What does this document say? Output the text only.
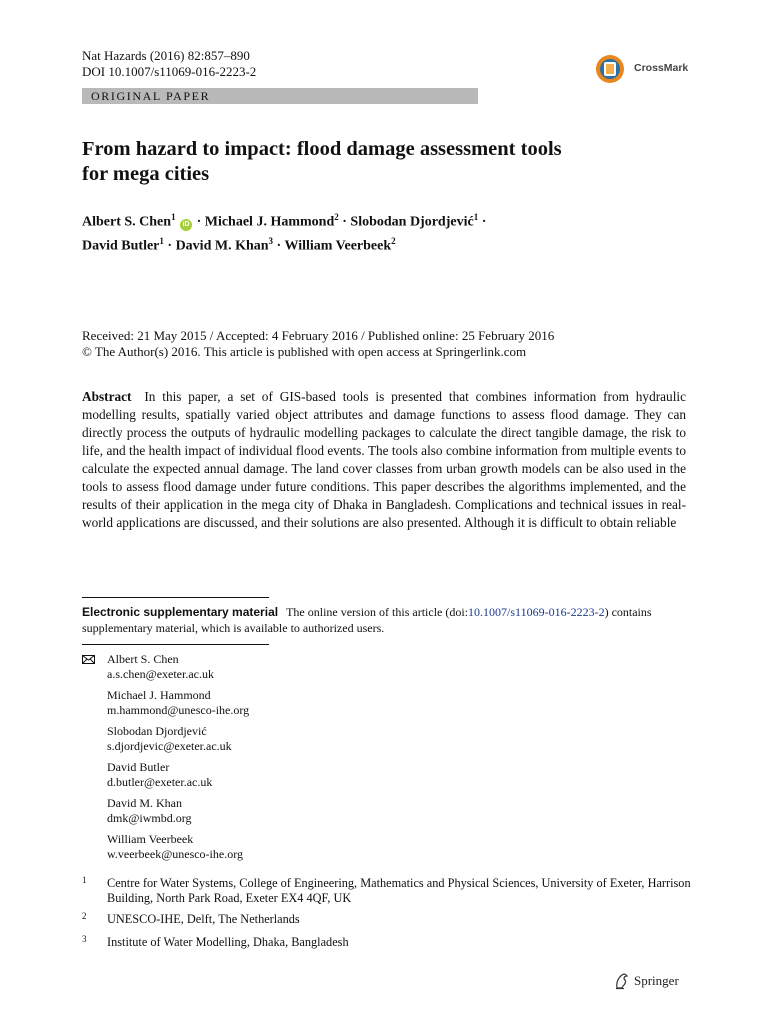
Nat Hazards (2016) 82:857–890
DOI 10.1007/s11069-016-2223-2	CrossMark
ORIGINAL PAPER
From hazard to impact: flood damage assessment tools
for mega cities
Albert S. Chen$^1$ iD · Michael J. Hammond$^2$ · Slobodan Djordjević$^1$ ·
David Butler$^1$ · David M. Khan$^3$ · William Veerbeek$^2$
Received: 21 May 2015 / Accepted: 4 February 2016 / Published online: 25 February 2016
© The Author(s) 2016. This article is published with open access at Springerlink.com
Abstract In this paper, a set of GIS-based tools is presented that combines information from hydraulic modelling results, spatially varied object attributes and damage functions to assess flood damage. They can directly process the outputs of hydraulic modelling packages to calculate the direct tangible damage, the risk to life, and the health impact of individual flood events. The tools also combine information from multiple events to calculate the expected annual damage. The land cover classes from urban growth models can be also used in the tools to assess flood damage under future conditions. This paper describes the algorithms implemented, and the results of their application in the mega city of Dhaka in Bangladesh. Complications and technical issues in real-world applications are discussed, and their solutions are also presented. Although it is difficult to obtain reliable
Electronic supplementary material The online version of this article (doi:10.1007/s11069-016-2223-2) contains supplementary material, which is available to authorized users.
Albert S. Chen
a.s.chen@exeter.ac.uk
Michael J. Hammond
m.hammond@unesco-ihe.org
Slobodan Djordjević
s.djordjevic@exeter.ac.uk
David Butler
d.butler@exeter.ac.uk
David M. Khan
dmk@iwmbd.org
William Veerbeek
w.veerbeek@unesco-ihe.org
1 Centre for Water Systems, College of Engineering, Mathematics and Physical Sciences, University of Exeter, Harrison Building, North Park Road, Exeter EX4 4QF, UK
2 UNESCO-IHE, Delft, The Netherlands
3 Institute of Water Modelling, Dhaka, Bangladesh
Springer
